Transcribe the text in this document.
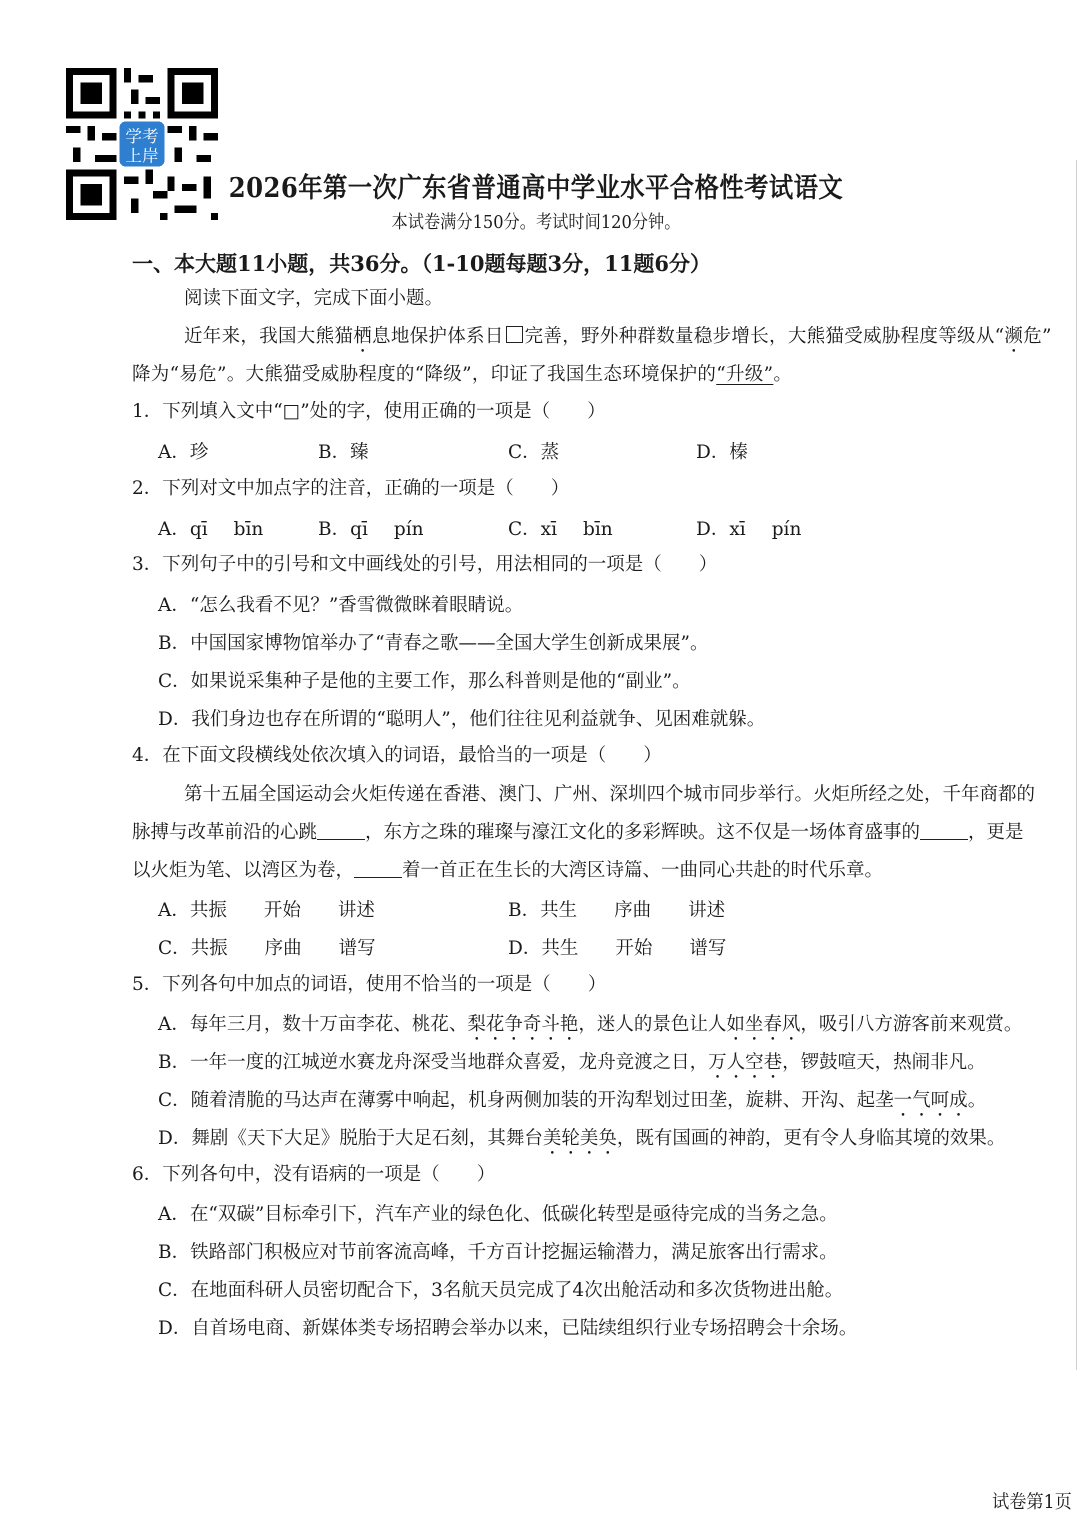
学考
上岸
2026年第一次广东省普通高中学业水平合格性考试语文
本试卷满分150分。考试时间120分钟。
一、本大题11小题，共36分。（1-10题每题3分，11题6分）
阅读下面文字，完成下面小题。
近年来，我国大熊猫栖息地保护体系日 完善，野外种群数量稳步增长，大熊猫受威胁程度等级从“濒危”
降为“易危”。大熊猫受威胁程度的“降级”，印证了我国生态环境保护的“升级”。
1．下列填入文中“□”处的字，使用正确的一项是（　　）
A．珍	B．臻	C．蒸	D．榛
2．下列对文中加点字的注音，正确的一项是（　　）
A．qī bīn	B．qī pín	C．xī bīn	D．xī pín
3．下列句子中的引号和文中画线处的引号，用法相同的一项是（　　）
A．“怎么我看不见？”香雪微微眯着眼睛说。
B．中国国家博物馆举办了“青春之歌——全国大学生创新成果展”。
C．如果说采集种子是他的主要工作，那么科普则是他的“副业”。
D．我们身边也存在所谓的“聪明人”，他们往往见利益就争、见困难就躲。
4．在下面文段横线处依次填入的词语，最恰当的一项是（　　）
第十五届全国运动会火炬传递在香港、澳门、广州、深圳四个城市同步举行。火炬所经之处，千年商都的
脉搏与改革前沿的心跳	，东方之珠的璀璨与濠江文化的多彩辉映。这不仅是一场体育盛事的	，更是
以火炬为笔、以湾区为卷，	着一首正在生长的大湾区诗篇、一曲同心共赴的时代乐章。
A．共振　　开始　　讲述	B．共生　　序曲　　讲述
C．共振　　序曲　　谱写	D．共生　　开始　　谱写
5．下列各句中加点的词语，使用不恰当的一项是（　　）
A．每年三月，数十万亩李花、桃花、梨花争奇斗艳，迷人的景色让人如坐春风，吸引八方游客前来观赏。
B．一年一度的江城逆水赛龙舟深受当地群众喜爱，龙舟竞渡之日，万人空巷，锣鼓喧天，热闹非凡。
C．随着清脆的马达声在薄雾中响起，机身两侧加装的开沟犁划过田垄，旋耕、开沟、起垄一气呵成。
D．舞剧《天下大足》脱胎于大足石刻，其舞台美轮美奂，既有国画的神韵，更有令人身临其境的效果。
6．下列各句中，没有语病的一项是（　　）
A．在“双碳”目标牵引下，汽车产业的绿色化、低碳化转型是亟待完成的当务之急。
B．铁路部门积极应对节前客流高峰，千方百计挖掘运输潜力，满足旅客出行需求。
C．在地面科研人员密切配合下，3名航天员完成了4次出舱活动和多次货物进出舱。
D．自首场电商、新媒体类专场招聘会举办以来，已陆续组织行业专场招聘会十余场。
试卷第1页
